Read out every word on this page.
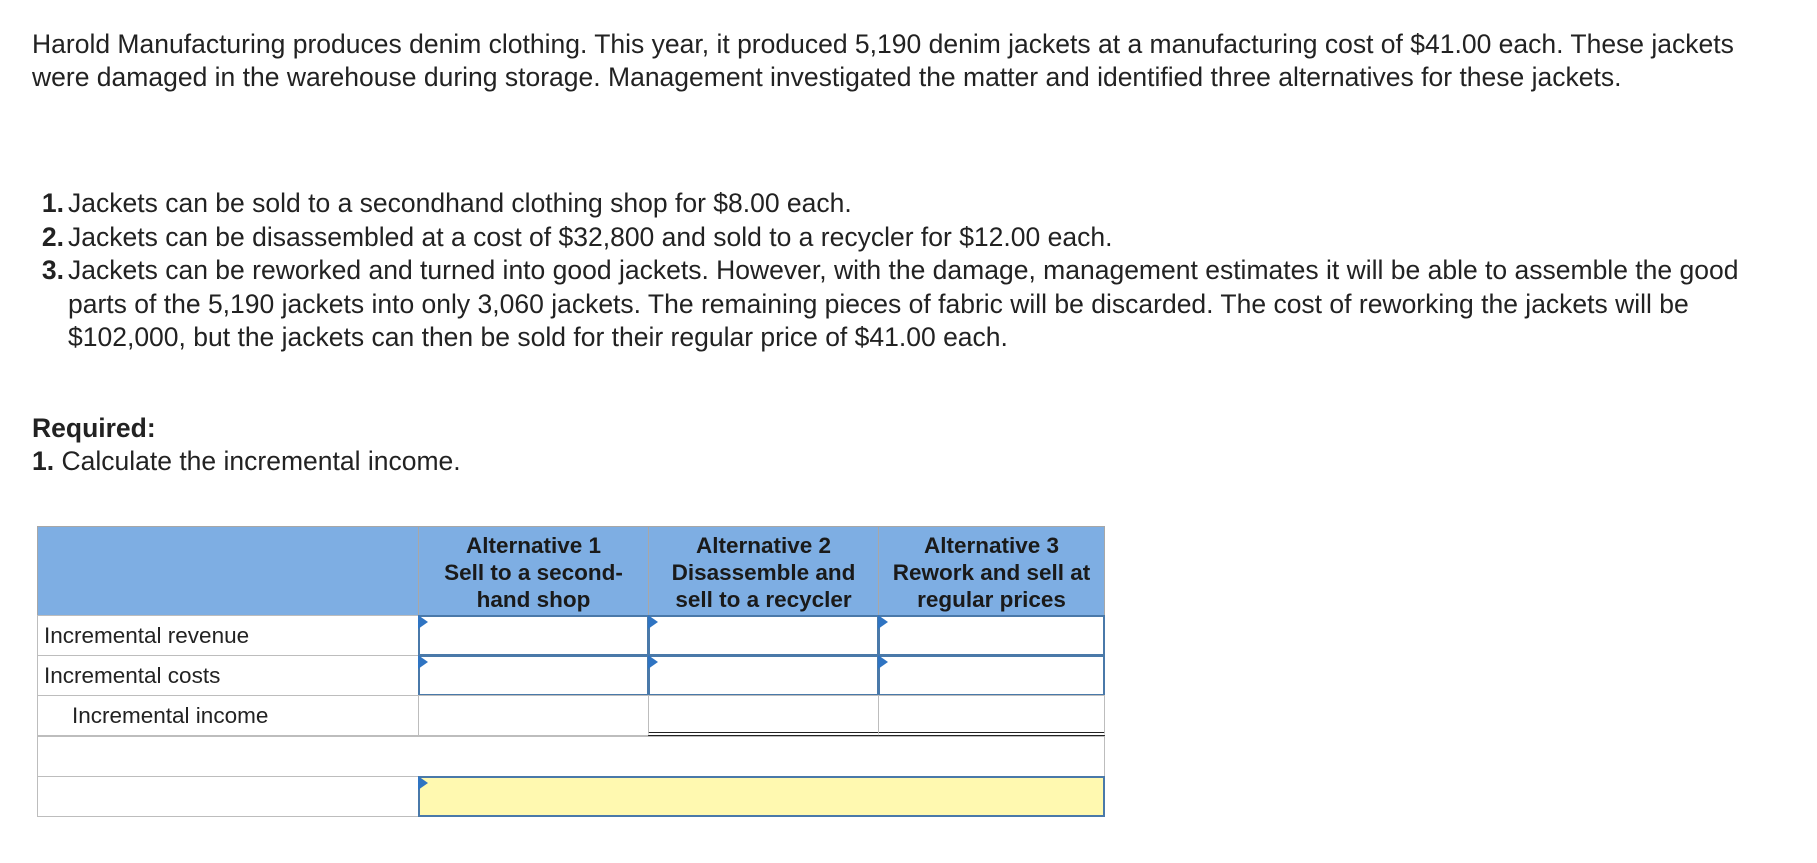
Harold Manufacturing produces denim clothing. This year, it produced 5,190 denim jackets at a manufacturing cost of $41.00 each. These jackets were damaged in the warehouse during storage. Management investigated the matter and identified three alternatives for these jackets.

1. Jackets can be sold to a secondhand clothing shop for $8.00 each.
2. Jackets can be disassembled at a cost of $32,800 and sold to a recycler for $12.00 each.
3. Jackets can be reworked and turned into good jackets. However, with the damage, management estimates it will be able to assemble the good parts of the 5,190 jackets into only 3,060 jackets. The remaining pieces of fabric will be discarded. The cost of reworking the jackets will be $102,000, but the jackets can then be sold for their regular price of $41.00 each.

Required:

1. Calculate the incremental income.

Alternative 1
Sell to a second-
hand shop
Alternative 2
Disassemble and
sell to a recycler
Alternative 3
Rework and sell at
regular prices
Incremental revenue
Incremental costs
Incremental income
